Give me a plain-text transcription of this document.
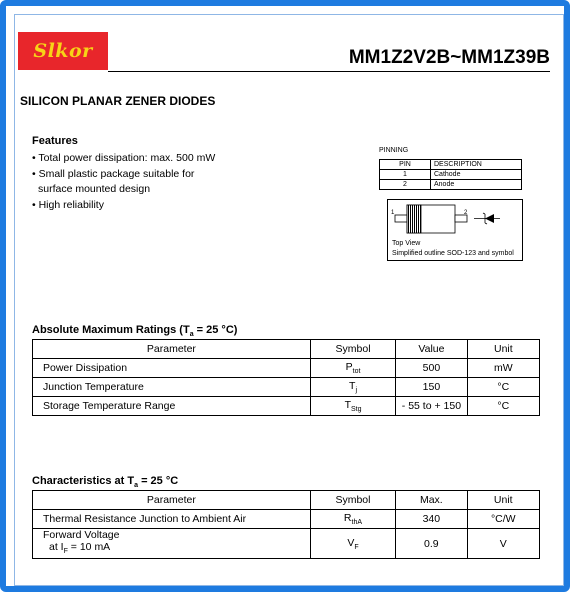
Slkor	MM1Z2V2B~MM1Z39B
SILICON PLANAR ZENER DIODES
Features
• Total power dissipation: max. 500 mW
• Small plastic package suitable for
surface mounted design
• High reliability
PINNING
PIN	DESCRIPTION
1	Cathode
2	Anode
1	2
Top View
Simplified outline SOD-123 and symbol
Absolute Maximum Ratings ($T_a = 25$ °C)
Parameter	Symbol	Value	Unit
Power Dissipation	$P_{tot}$	500	mW
Junction Temperature	$T_j$	150	°C
Storage Temperature Range	$T_{Stg}$	- 55 to + 150	°C
Characteristics at $T_a = 25$ °C
Parameter	Symbol	Max.	Unit
Thermal Resistance Junction to Ambient Air	$R_{thA}$	340	°C/W

Forward Voltage
at $I_F = 10$ mA	$V_F$	0.9	V
